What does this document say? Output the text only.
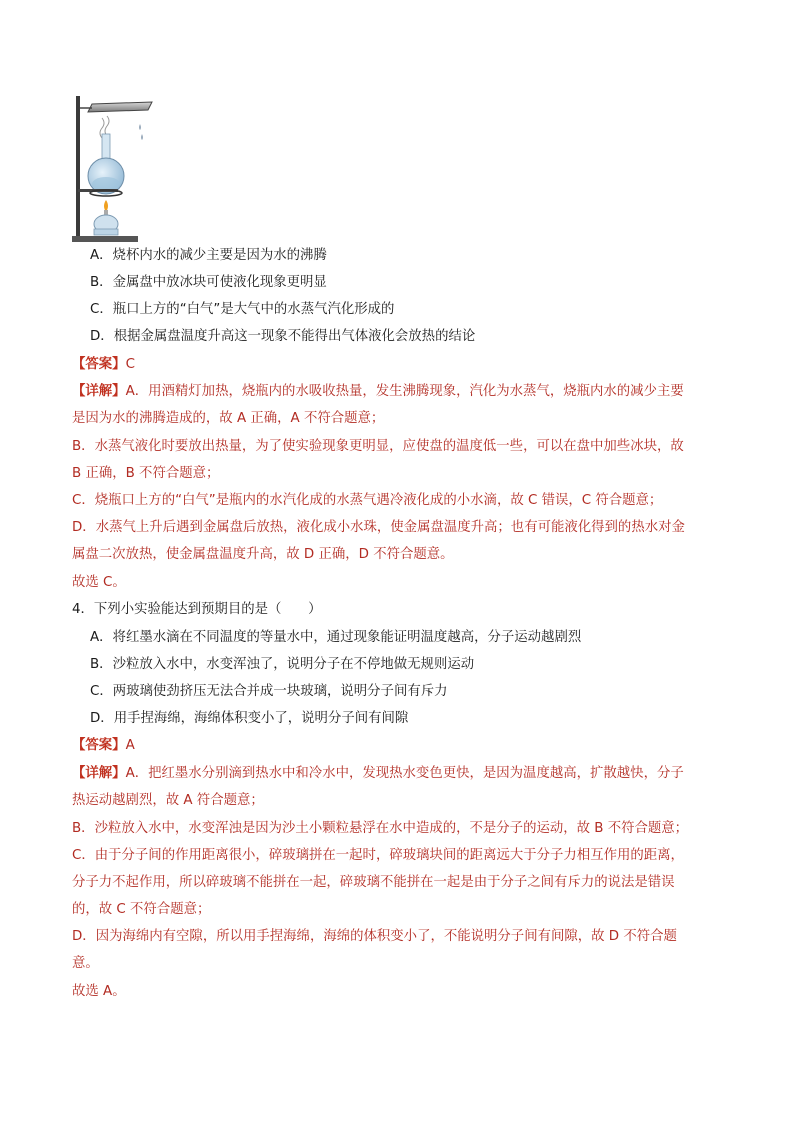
A．烧杯内水的减少主要是因为水的沸腾
B．金属盘中放冰块可使液化现象更明显
C．瓶口上方的“白气”是大气中的水蒸气汽化形成的
D．根据金属盘温度升高这一现象不能得出气体液化会放热的结论
【答案】C
【详解】A．用酒精灯加热，烧瓶内的水吸收热量，发生沸腾现象，汽化为水蒸气，烧瓶内水的减少主要
是因为水的沸腾造成的，故 A 正确，A 不符合题意；
B．水蒸气液化时要放出热量，为了使实验现象更明显，应使盘的温度低一些，可以在盘中加些冰块，故
B 正确，B 不符合题意；
C．烧瓶口上方的“白气”是瓶内的水汽化成的水蒸气遇冷液化成的小水滴，故 C 错误，C 符合题意；
D．水蒸气上升后遇到金属盘后放热，液化成小水珠，使金属盘温度升高；也有可能液化得到的热水对金
属盘二次放热，使金属盘温度升高，故 D 正确，D 不符合题意。
故选 C。
4．下列小实验能达到预期目的是（　　）
A．将红墨水滴在不同温度的等量水中，通过现象能证明温度越高，分子运动越剧烈
B．沙粒放入水中，水变浑浊了，说明分子在不停地做无规则运动
C．两玻璃使劲挤压无法合并成一块玻璃，说明分子间有斥力
D．用手捏海绵，海绵体积变小了，说明分子间有间隙
【答案】A
【详解】A．把红墨水分别滴到热水中和冷水中，发现热水变色更快，是因为温度越高，扩散越快，分子
热运动越剧烈，故 A 符合题意；
B．沙粒放入水中，水变浑浊是因为沙土小颗粒悬浮在水中造成的，不是分子的运动，故 B 不符合题意；
C．由于分子间的作用距离很小，碎玻璃拼在一起时，碎玻璃块间的距离远大于分子力相互作用的距离，
分子力不起作用，所以碎玻璃不能拼在一起，碎玻璃不能拼在一起是由于分子之间有斥力的说法是错误
的，故 C 不符合题意；
D．因为海绵内有空隙，所以用手捏海绵，海绵的体积变小了，不能说明分子间有间隙，故 D 不符合题
意。
故选 A。
